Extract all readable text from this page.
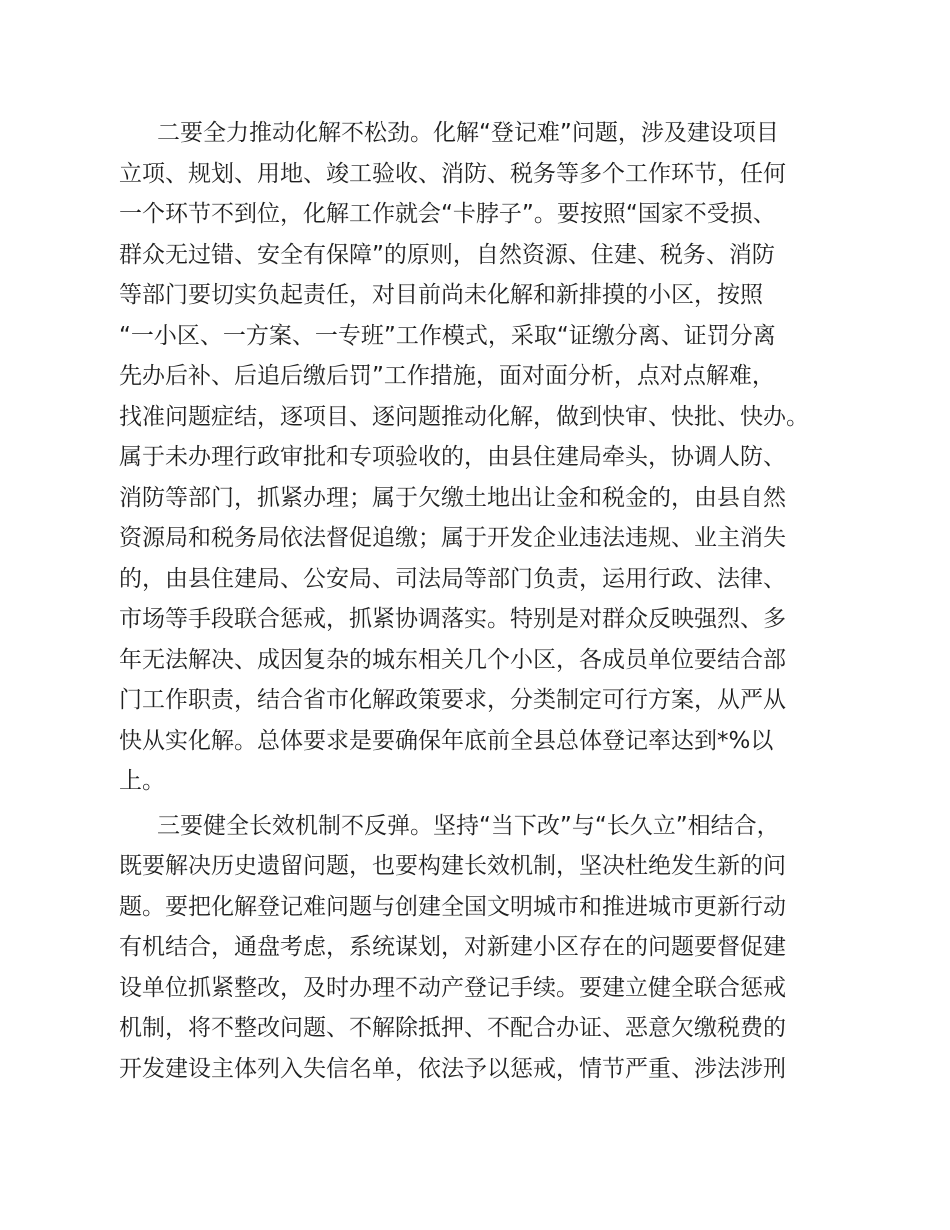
二要全力推动化解不松劲。化解“登记难”问题，涉及建设项目
立项、规划、用地、竣工验收、消防、税务等多个工作环节，任何
一个环节不到位，化解工作就会“卡脖子”。要按照“国家不受损、
群众无过错、安全有保障”的原则，自然资源、住建、税务、消防
等部门要切实负起责任，对目前尚未化解和新排摸的小区，按照
“一小区、一方案、一专班”工作模式，采取“证缴分离、证罚分离
先办后补、后追后缴后罚”工作措施，面对面分析，点对点解难，
找准问题症结，逐项目、逐问题推动化解，做到快审、快批、快办。
属于未办理行政审批和专项验收的，由县住建局牵头，协调人防、
消防等部门，抓紧办理；属于欠缴土地出让金和税金的，由县自然
资源局和税务局依法督促追缴；属于开发企业违法违规、业主消失
的，由县住建局、公安局、司法局等部门负责，运用行政、法律、
市场等手段联合惩戒，抓紧协调落实。特别是对群众反映强烈、多
年无法解决、成因复杂的城东相关几个小区，各成员单位要结合部
门工作职责，结合省市化解政策要求，分类制定可行方案，从严从
快从实化解。总体要求是要确保年底前全县总体登记率达到*%以
上。

三要健全长效机制不反弹。坚持“当下改”与“长久立”相结合，
既要解决历史遗留问题，也要构建长效机制，坚决杜绝发生新的问
题。要把化解登记难问题与创建全国文明城市和推进城市更新行动
有机结合，通盘考虑，系统谋划，对新建小区存在的问题要督促建
设单位抓紧整改，及时办理不动产登记手续。要建立健全联合惩戒
机制，将不整改问题、不解除抵押、不配合办证、恶意欠缴税费的
开发建设主体列入失信名单，依法予以惩戒，情节严重、涉法涉刑
